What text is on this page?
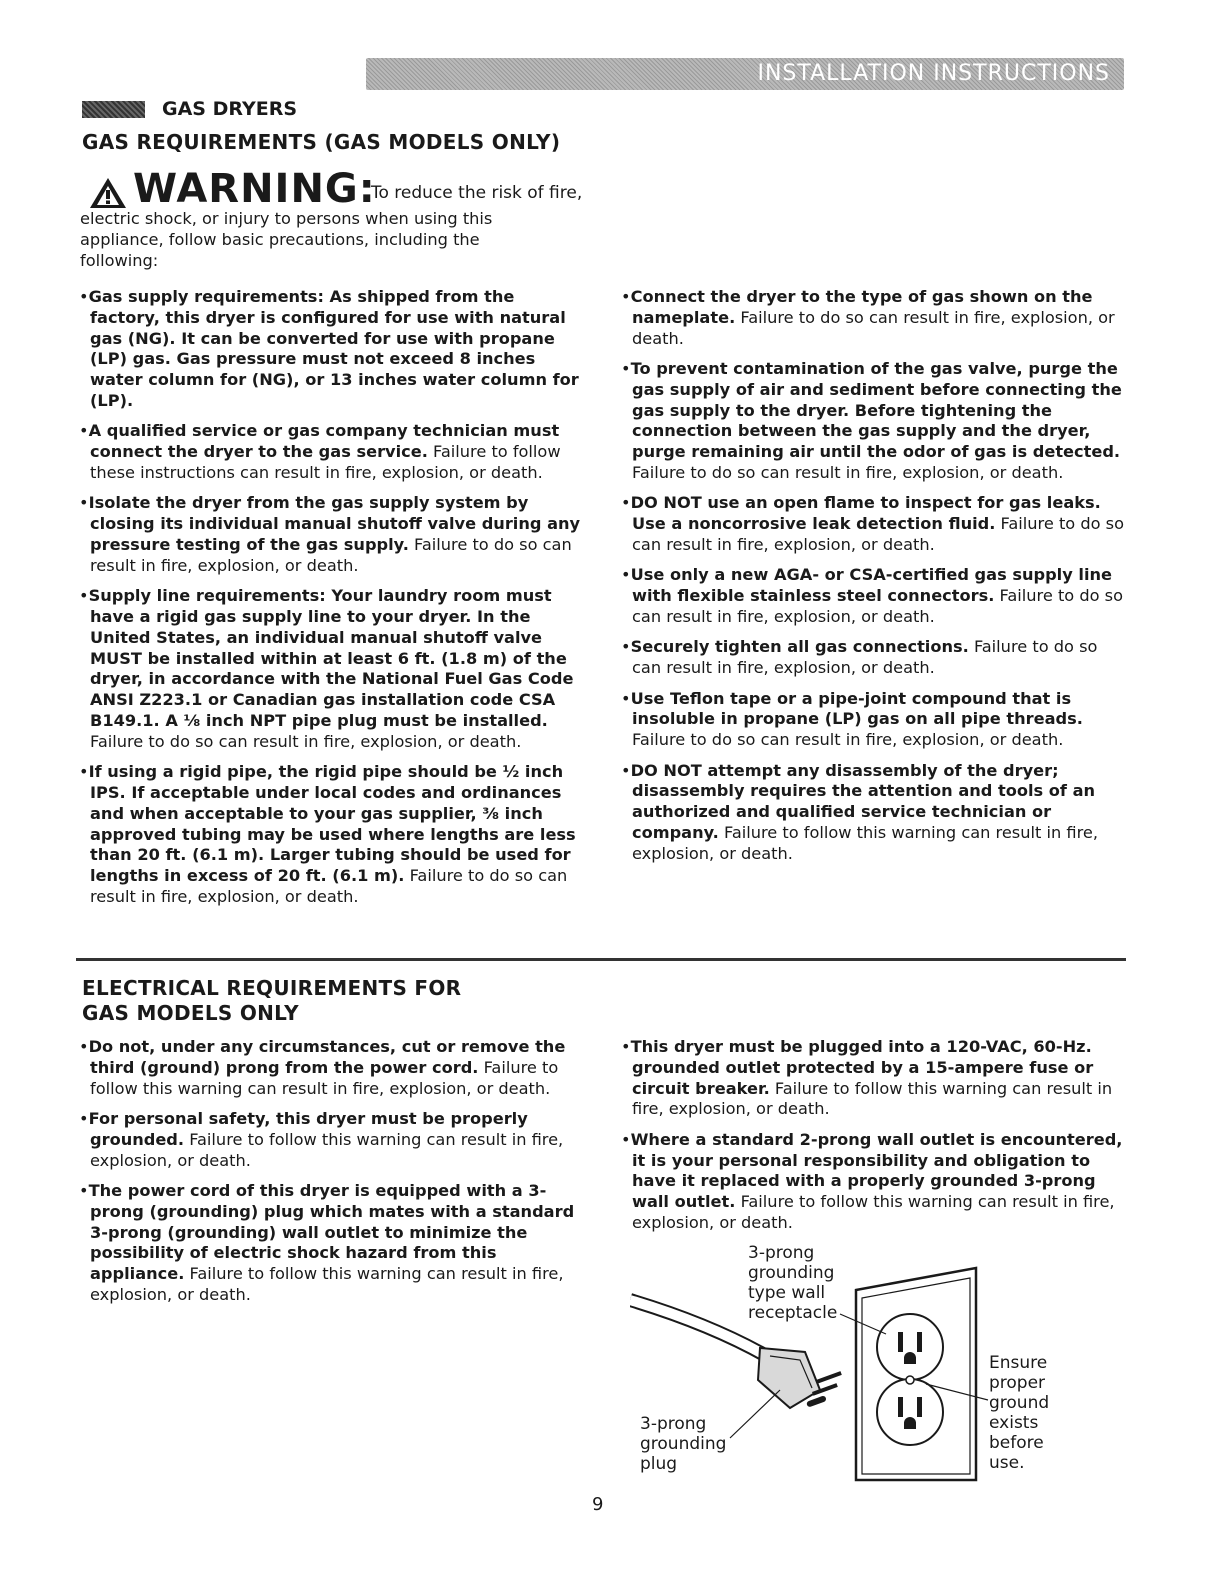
INSTALLATION INSTRUCTIONS
GAS DRYERS
GAS REQUIREMENTS (GAS MODELS ONLY)
WARNING:
To reduce the risk of fire,
electric shock, or injury to persons when using this appliance, follow basic precautions, including the following:

•Gas supply requirements: As shipped from the factory, this dryer is configured for use with natural gas (NG). It can be converted for use with propane (LP) gas. Gas pressure must not exceed 8 inches water column for (NG), or 13 inches water column for (LP).

•A qualified service or gas company technician must connect the dryer to the gas service. Failure to follow these instructions can result in fire, explosion, or death.

•Isolate the dryer from the gas supply system by closing its individual manual shutoff valve during any pressure testing of the gas supply. Failure to do so can result in fire, explosion, or death.

•Supply line requirements: Your laundry room must have a rigid gas supply line to your dryer. In the United States, an individual manual shutoff valve MUST be installed within at least 6 ft. (1.8 m) of the dryer, in accordance with the National Fuel Gas Code ANSI Z223.1 or Canadian gas installation code CSA B149.1. A ⅛ inch NPT pipe plug must be installed. Failure to do so can result in fire, explosion, or death.

•If using a rigid pipe, the rigid pipe should be ½ inch IPS. If acceptable under local codes and ordinances and when acceptable to your gas supplier, ⅜ inch approved tubing may be used where lengths are less than 20 ft. (6.1 m). Larger tubing should be used for lengths in excess of 20 ft. (6.1 m). Failure to do so can result in fire, explosion, or death.

•Connect the dryer to the type of gas shown on the nameplate. Failure to do so can result in fire, explosion, or death.

•To prevent contamination of the gas valve, purge the gas supply of air and sediment before connecting the gas supply to the dryer. Before tightening the connection between the gas supply and the dryer, purge remaining air until the odor of gas is detected. Failure to do so can result in fire, explosion, or death.

•DO NOT use an open flame to inspect for gas leaks. Use a noncorrosive leak detection fluid. Failure to do so can result in fire, explosion, or death.

•Use only a new AGA- or CSA-certified gas supply line with flexible stainless steel connectors. Failure to do so can result in fire, explosion, or death.

•Securely tighten all gas connections. Failure to do so can result in fire, explosion, or death.

•Use Teflon tape or a pipe-joint compound that is insoluble in propane (LP) gas on all pipe threads. Failure to do so can result in fire, explosion, or death.

•DO NOT attempt any disassembly of the dryer; disassembly requires the attention and tools of an authorized and qualified service technician or company. Failure to follow this warning can result in fire, explosion, or death.

ELECTRICAL REQUIREMENTS FOR
GAS MODELS ONLY

•Do not, under any circumstances, cut or remove the third (ground) prong from the power cord. Failure to follow this warning can result in fire, explosion, or death.

•For personal safety, this dryer must be properly grounded. Failure to follow this warning can result in fire, explosion, or death.

•The power cord of this dryer is equipped with a 3-prong (grounding) plug which mates with a standard 3-prong (grounding) wall outlet to minimize the possibility of electric shock hazard from this appliance. Failure to follow this warning can result in fire, explosion, or death.

•This dryer must be plugged into a 120-VAC, 60-Hz. grounded outlet protected by a 15-ampere fuse or circuit breaker. Failure to follow this warning can result in fire, explosion, or death.

•Where a standard 2-prong wall outlet is encountered, it is your personal responsibility and obligation to have it replaced with a properly grounded 3-prong wall outlet. Failure to follow this warning can result in fire, explosion, or death.

3-prong
grounding
type wall
receptacle
3-prong
grounding
plug
Ensure proper
ground exists
before use.
9
